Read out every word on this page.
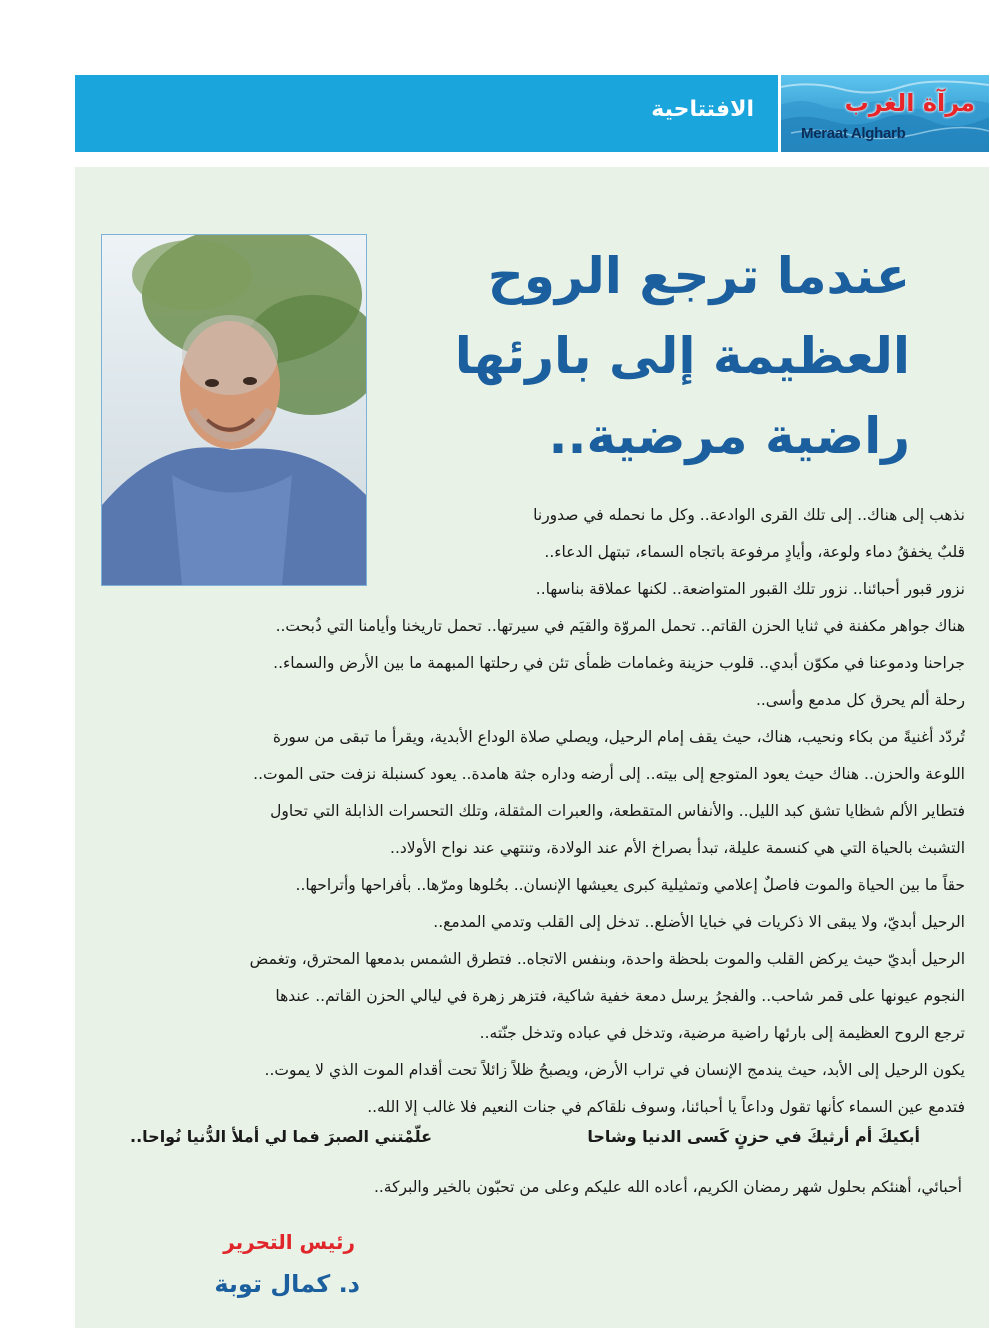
الافتتاحية	مرآة الغرب
Meraat Algharb
عندما ترجع الروح
العظيمة إلى بارئها
راضية مرضية..
نذهب إلى هناك.. إلى تلك القرى الوادعة.. وكل ما نحمله في صدورنا
قلبٌ يخفقُ دماء ولوعة، وأيادٍ مرفوعة باتجاه السماء، تبتهل الدعاء..
نزور قبور أحبائنا.. نزور تلك القبور المتواضعة.. لكنها عملاقة بناسها..
هناك جواهر مكفنة في ثنايا الحزن القاتم.. تحمل المروّة والقيَم في سيرتها.. تحمل تاريخنا وأيامنا التي ذُبحت..
جراحنا ودموعنا في مكوّن أبدي.. قلوب حزينة وغمامات ظمأى تئن في رحلتها المبهمة ما بين الأرض والسماء..
رحلة ألم يحرق كل مدمع وأسى..
تُردّد أغنيةً من بكاء ونحيب، هناك، حيث يقف إمام الرحيل، ويصلي صلاة الوداع الأبدية، ويقرأ ما تبقى من سورة
اللوعة والحزن.. هناك حيث يعود المتوجع إلى بيته.. إلى أرضه وداره جثة هامدة.. يعود كسنبلة نزفت حتى الموت..
فتطاير الألم شظايا تشق كبد الليل.. والأنفاس المتقطعة، والعبرات المثقلة، وتلك التحسرات الذابلة التي تحاول
التشبث بالحياة التي هي كنسمة عليلة، تبدأ بصراخ الأم عند الولادة، وتنتهي عند نواح الأولاد..
حقاً ما بين الحياة والموت فاصلٌ إعلامي وتمثيلية كبرى يعيشها الإنسان.. بحُلوها ومرّها.. بأفراحها وأتراحها..
الرحيل أبديّ، ولا يبقى الا ذكريات في خبايا الأضلع.. تدخل إلى القلب وتدمي المدمع..
الرحيل أبديّ حيث يركض القلب والموت بلحظة واحدة، وبنفس الاتجاه.. فتطرق الشمس بدمعها المحترق، وتغمض
النجوم عيونها على قمر شاحب.. والفجرُ يرسل دمعة خفية شاكية، فتزهر زهرة في ليالي الحزن القاتم.. عندها
ترجع الروح العظيمة إلى بارئها راضية مرضية، وتدخل في عباده وتدخل جنّته..
يكون الرحيل إلى الأبد، حيث يندمج الإنسان في تراب الأرض، ويصبحُ ظلاً زائلاً تحت أقدام الموت الذي لا يموت..
فتدمع عين السماء كأنها تقول وداعاً يا أحبائنا، وسوف نلقاكم في جنات النعيم فلا غالب إلا الله..
أبكيكَ أم أرثيكَ في حزنٍ كَسى الدنيا وشاحا
علّمْتني الصبرَ فما لي أملأ الدُّنيا نُواحا..
أحبائي، أهنئكم بحلول شهر رمضان الكريم، أعاده الله عليكم وعلى من تحبّون بالخير والبركة..
رئيس التحرير
د. كمال توبة
